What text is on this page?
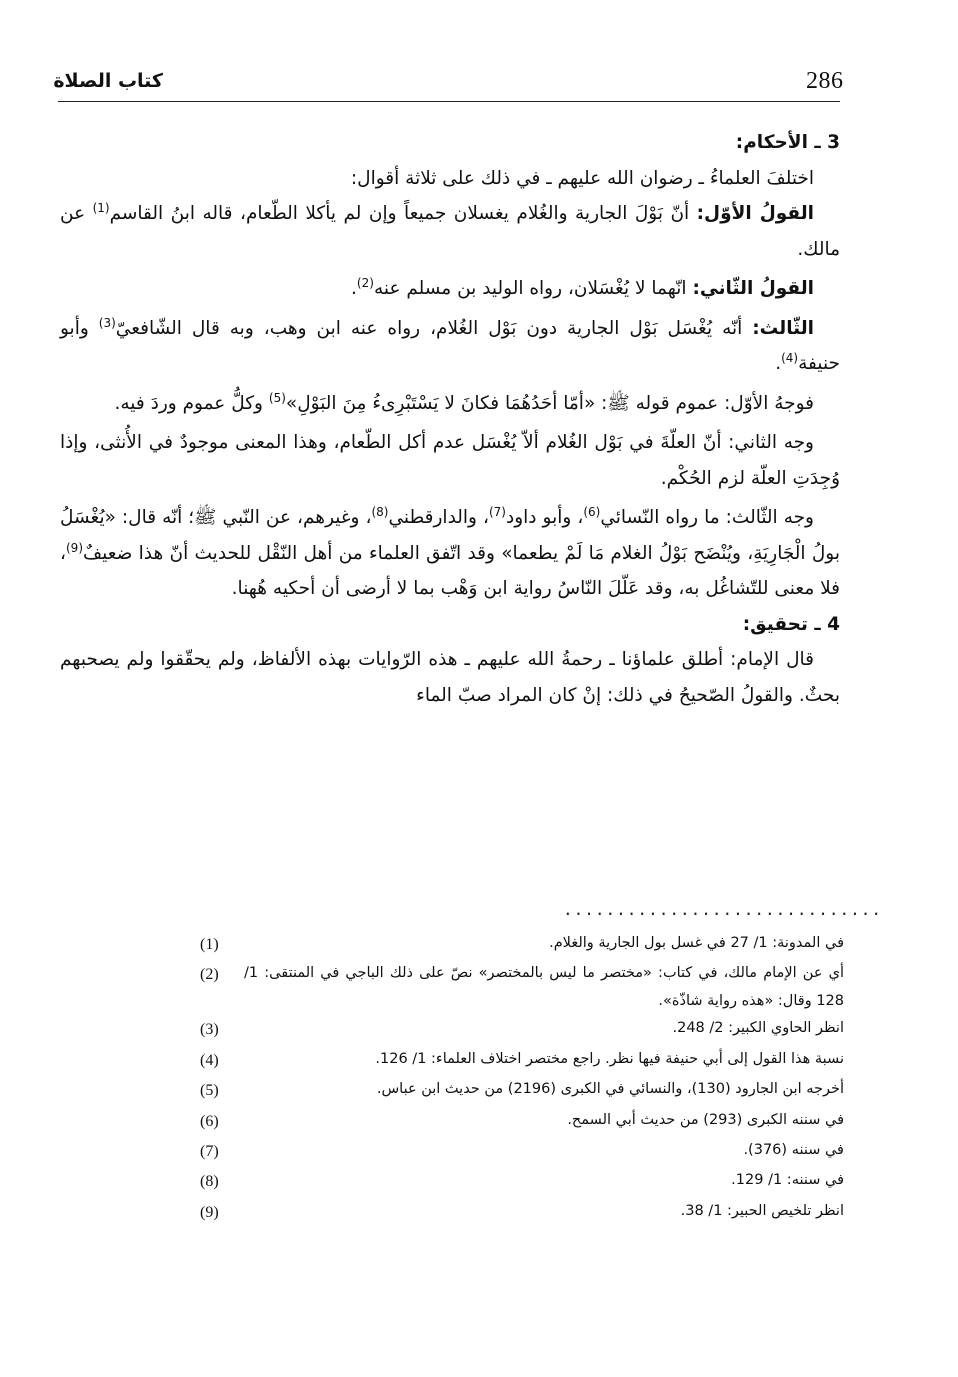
286
كتاب الصلاة

3 ـ الأحكام:

اختلفَ العلماءُ ـ رضوان الله عليهم ـ في ذلك على ثلاثة أقوال:

القولُ الأوّل: أنّ بَوْلَ الجارية والغُلام يغسلان جميعاً وإن لم يأكلا الطّعام، قاله ابنُ القاسم$^{(1)}$ عن مالك.

القولُ الثّاني: انّهما لا يُغْسَلان، رواه الوليد بن مسلم عنه$^{(2)}$.

الثّالث: أنّه يُغْسَل بَوْل الجارية دون بَوْل الغُلام، رواه عنه ابن وهب، وبه قال الشّافعيّ$^{(3)}$ وأبو حنيفة$^{(4)}$.

فوجهُ الأوّل: عموم قوله ﷺ: «أمّا أحَدُهُمَا فكانَ لا يَسْتَبْرِىءُ مِنَ البَوْلِ»$^{(5)}$ وكلُّ عموم وردَ فيه.

وجه الثاني: أنّ العلّةَ في بَوْل الغُلام ألاّ يُغْسَل عدم أكل الطّعام، وهذا المعنى موجودٌ في الأُنثى، وإذا وُجِدَتِ العلّة لزم الحُكْم.

وجه الثّالث: ما رواه النّسائي$^{(6)}$، وأبو داود$^{(7)}$، والدارقطني$^{(8)}$، وغيرهم، عن النّبي ﷺ؛ أنّه قال: «يُغْسَلُ بولُ الْجَارِيَةِ، ويُنْضَح بَوْلُ الغلام مَا لَمْ يطعما» وقد اتّفق العلماء من أهل النّقْل للحديث أنّ هذا ضعيفٌ$^{(9)}$، فلا معنى للتّشاغُل به، وقد عَلّلَ النّاسُ رواية ابن وَهْب بما لا أرضى أن أحكيه هُهنا.

4 ـ تحقيق:

قال الإمام: أطلق علماؤنا ـ رحمةُ الله عليهم ـ هذه الرّوايات بهذه الألفاظ، ولم يحقّقوا ولم يصحبهم بحثٌ. والقولُ الصّحيحُ في ذلك: إنْ كان المراد صبّ الماء

..............................
في المدونة: 1/ 27 في غسل بول الجارية والغلام.
(1)
أي عن الإمام مالك، في كتاب: «مختصر ما ليس بالمختصر» نصّ على ذلك الباجي في المنتقى: 1/ 128 وقال: «هذه رواية شاذّة».
(2)
انظر الحاوي الكبير: 2/ 248.
(3)
نسبة هذا القول إلى أبي حنيفة فيها نظر. راجع مختصر اختلاف العلماء: 1/ 126.
(4)
أخرجه ابن الجارود (130)، والنسائي في الكبرى (2196) من حديث ابن عباس.
(5)
في سننه الكبرى (293) من حديث أبي السمح.
(6)
في سننه (376).
(7)
في سننه: 1/ 129.
(8)
انظر تلخيص الحبير: 1/ 38.
(9)
